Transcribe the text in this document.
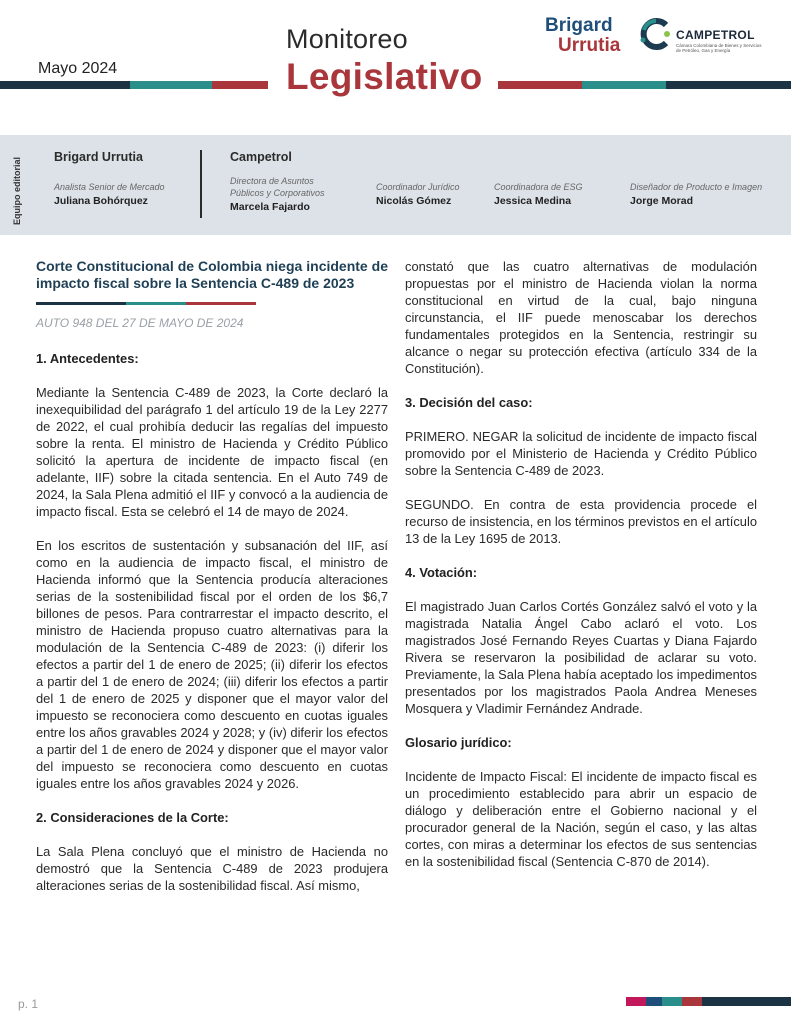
Mayo 2024
Monitoreo
Legislativo
Brigard
Urrutia	CAMPETROL
Cámara Colombiana de Bienes y Servicios de Petróleo, Gas y Energía
Equipo editorial	Brigard Urrutia	Campetrol
Analista Senior de Mercado
Juliana Bohórquez
Directora de Asuntos Públicos y Corporativos
Marcela Fajardo
Coordinador Jurídico
Nicolás Gómez
Coordinadora de ESG
Jessica Medina
Diseñador de Producto e Imagen
Jorge Morad
Corte Constitucional de Colombia niega incidente de impacto fiscal sobre la Sentencia C-489 de 2023
AUTO 948 DEL 27 DE MAYO DE 2024
1. Antecedentes:

Mediante la Sentencia C-489 de 2023, la Corte declaró la inexequibilidad del parágrafo 1 del artículo 19 de la Ley 2277 de 2022, el cual prohibía deducir las regalías del impuesto sobre la renta. El ministro de Hacienda y Crédito Público solicitó la apertura de incidente de impacto fiscal (en adelante, IIF) sobre la citada sentencia. En el Auto 749 de 2024, la Sala Plena admitió el IIF y convocó a la audiencia de impacto fiscal. Esta se celebró el 14 de mayo de 2024.

En los escritos de sustentación y subsanación del IIF, así como en la audiencia de impacto fiscal, el ministro de Hacienda informó que la Sentencia producía alteraciones serias de la sostenibilidad fiscal por el orden de los $6,7 billones de pesos. Para contrarrestar el impacto descrito, el ministro de Hacienda propuso cuatro alternativas para la modulación de la Sentencia C-489 de 2023: (i) diferir los efectos a partir del 1 de enero de 2025; (ii) diferir los efectos a partir del 1 de enero de 2024; (iii) diferir los efectos a partir del 1 de enero de 2025 y disponer que el mayor valor del impuesto se reconociera como descuento en cuotas iguales entre los años gravables 2024 y 2028; y (iv) diferir los efectos a partir del 1 de enero de 2024 y disponer que el mayor valor del impuesto se reconociera como descuento en cuotas iguales entre los años gravables 2024 y 2026.

2. Consideraciones de la Corte:

La Sala Plena concluyó que el ministro de Hacienda no demostró que la Sentencia C-489 de 2023 produjera alteraciones serias de la sostenibilidad fiscal. Así mismo,

constató que las cuatro alternativas de modulación propuestas por el ministro de Hacienda violan la norma constitucional en virtud de la cual, bajo ninguna circunstancia, el IIF puede menoscabar los derechos fundamentales protegidos en la Sentencia, restringir su alcance o negar su protección efectiva (artículo 334 de la Constitución).

3. Decisión del caso:

PRIMERO. NEGAR la solicitud de incidente de impacto fiscal promovido por el Ministerio de Hacienda y Crédito Público sobre la Sentencia C-489 de 2023.

SEGUNDO. En contra de esta providencia procede el recurso de insistencia, en los términos previstos en el artículo 13 de la Ley 1695 de 2013.

4. Votación:

El magistrado Juan Carlos Cortés González salvó el voto y la magistrada Natalia Ángel Cabo aclaró el voto. Los magistrados José Fernando Reyes Cuartas y Diana Fajardo Rivera se reservaron la posibilidad de aclarar su voto. Previamente, la Sala Plena había aceptado los impedimentos presentados por los magistrados Paola Andrea Meneses Mosquera y Vladimir Fernández Andrade.

Glosario jurídico:

Incidente de Impacto Fiscal: El incidente de impacto fiscal es un procedimiento establecido para abrir un espacio de diálogo y deliberación entre el Gobierno nacional y el procurador general de la Nación, según el caso, y las altas cortes, con miras a determinar los efectos de sus sentencias en la sostenibilidad fiscal (Sentencia C-870 de 2014).

p. 1
